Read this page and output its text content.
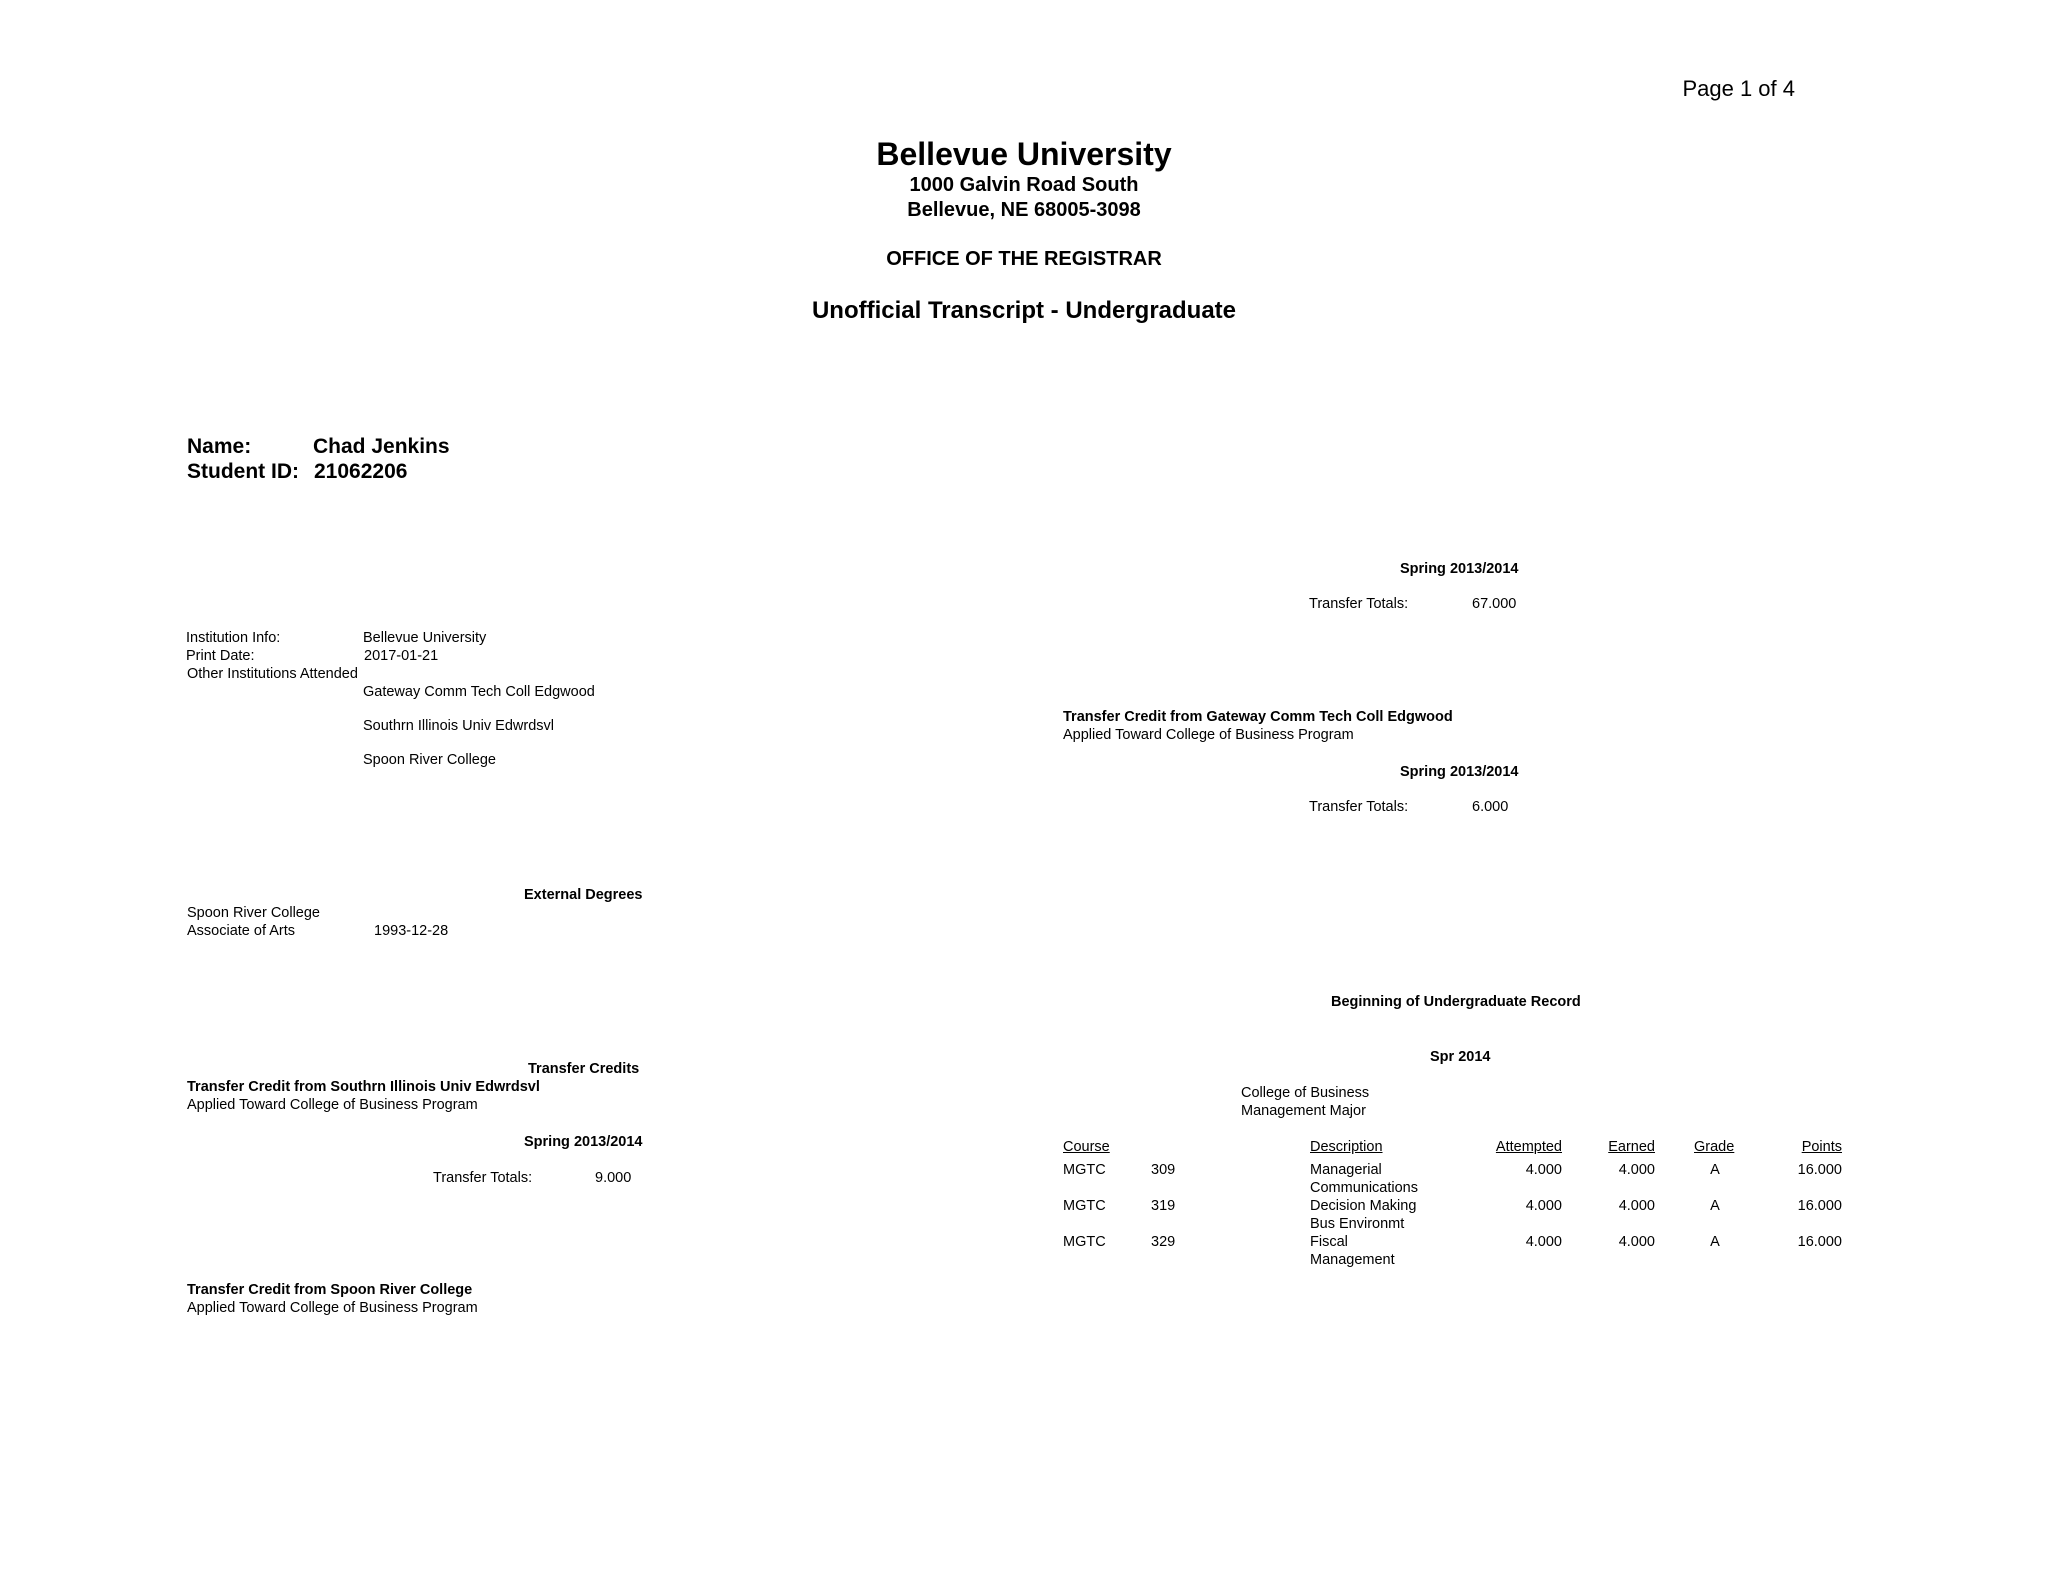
Page 1 of 4
Bellevue University
1000 Galvin Road South
Bellevue, NE 68005-3098
OFFICE OF THE REGISTRAR
Unofficial Transcript - Undergraduate
Name:	Chad Jenkins
Student ID: 21062206
Institution Info:	Bellevue University
Print Date:	2017-01-21
Other Institutions Attended
Gateway Comm Tech Coll Edgwood
Southrn Illinois Univ Edwrdsvl
Spoon River College
External Degrees
Spoon River College
Associate of Arts	1993-12-28
Transfer Credits
Transfer Credit from Southrn Illinois Univ Edwrdsvl
Applied Toward College of Business Program
Spring 2013/2014
Transfer Totals:	9.000
Transfer Credit from Spoon River College
Applied Toward College of Business Program
Spring 2013/2014
Transfer Totals:	67.000
Transfer Credit from Gateway Comm Tech Coll Edgwood
Applied Toward College of Business Program
Spring 2013/2014
Transfer Totals:	6.000
Beginning of Undergraduate Record
Spr 2014
College of Business
Management Major
Course	Description	Attempted	Earned	Grade	Points
MGTC	309	Managerial
Communications
4.000	4.000	A	16.000
MGTC	319	Decision Making
Bus Environmt
4.000	4.000	A	16.000
MGTC	329	Fiscal
Management
4.000	4.000	A	16.000
